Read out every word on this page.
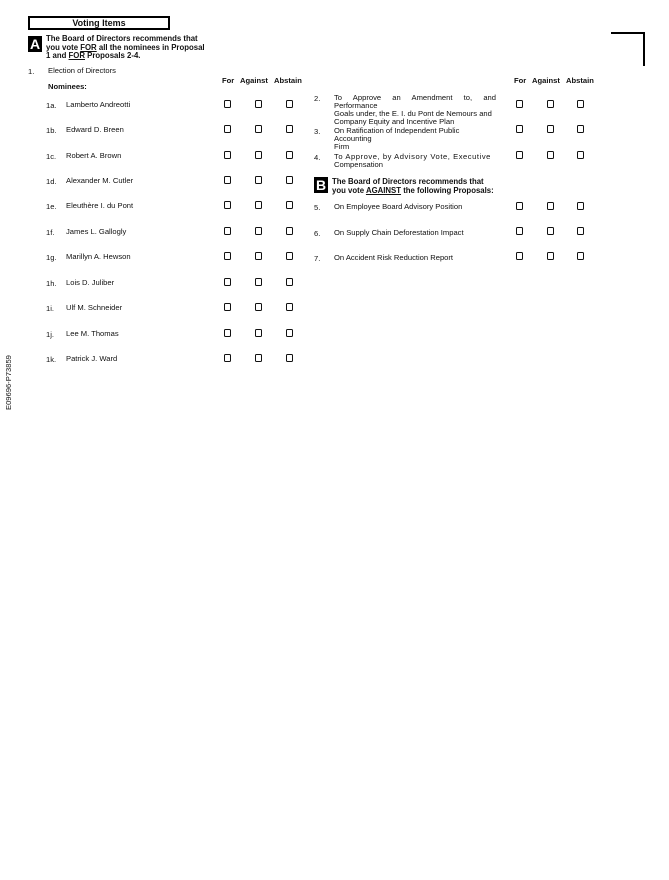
Voting Items
A The Board of Directors recommends that
you vote FOR all the nominees in Proposal
1 and FOR Proposals 2-4.
1. Election of Directors
Nominees:
For Against Abstain	For Against Abstain
1a. Lamberto Andreotti
1b. Edward D. Breen
1c. Robert A. Brown
1d. Alexander M. Cutler
1e. Eleuthère I. du Pont
1f. James L. Gallogly
1g. Marillyn A. Hewson
1h. Lois D. Juliber
1i. Ulf M. Schneider
1j. Lee M. Thomas
1k. Patrick J. Ward
2. To Approve an Amendment to, and Performance
Goals under, the E. I. du Pont de Nemours and
Company Equity and Incentive Plan
3. On Ratification of Independent Public Accounting
Firm
4. To Approve, by Advisory Vote, Executive
Compensation
B The Board of Directors recommends that
you vote AGAINST the following Proposals:
5. On Employee Board Advisory Position
6. On Supply Chain Deforestation Impact
7. On Accident Risk Reduction Report
E09696-P73859
